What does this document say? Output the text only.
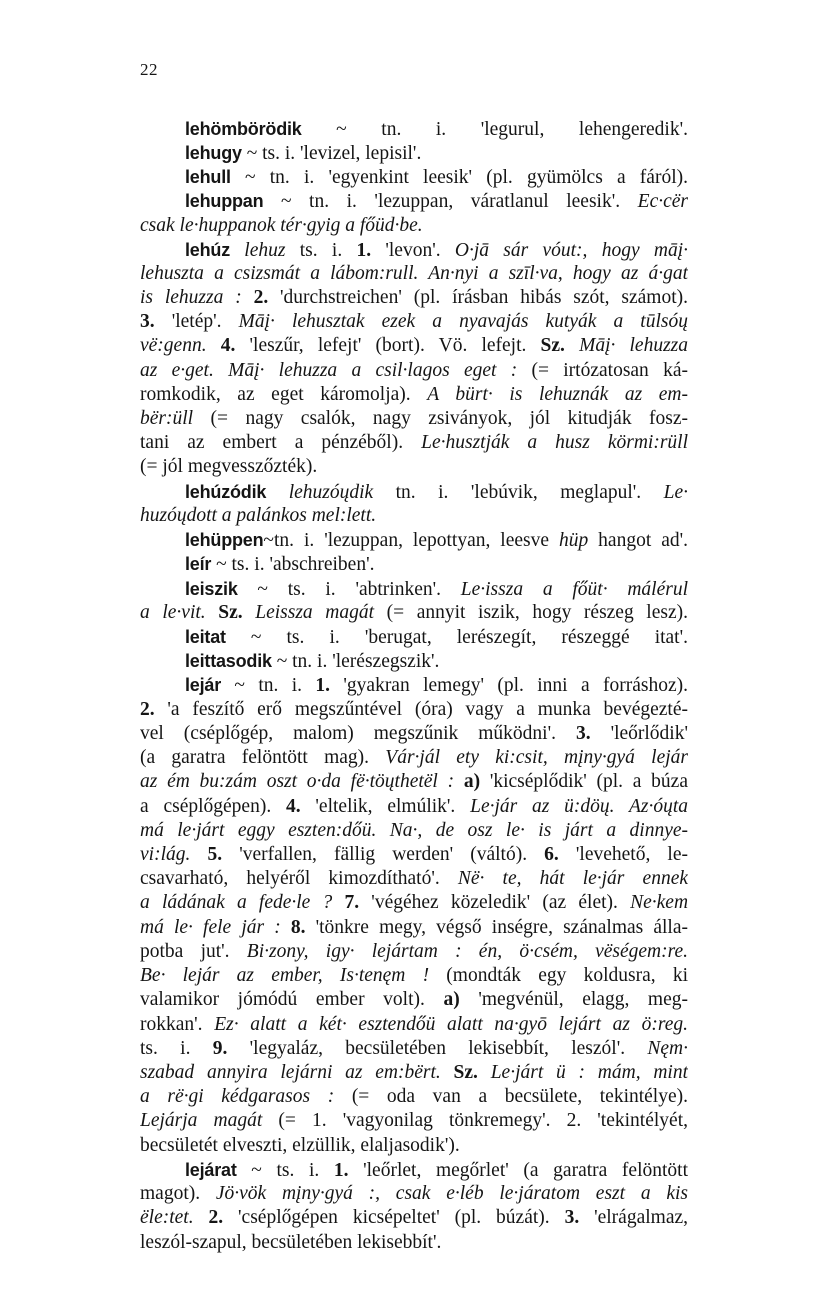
22
lehömbörödik ~ tn. i. 'legurul, lehengeredik'.
lehugy ~ ts. i. 'levizel, lepisil'.
lehull ~ tn. i. 'egyenkint leesik' (pl. gyümölcs a fáról).
lehuppan ~ tn. i. 'lezuppan, váratlanul leesik'. Ec·cër
csak le·huppanok tér·gyig a főüd·be.
lehúz lehuz ts. i. 1. 'levon'. O·jā sár vóut:, hogy māį·
lehuszta a csizsmát a lábom:rull. An·nyi a szīl·va, hogy az á·gat
is lehuzza : 2. 'durchstreichen' (pl. írásban hibás szót, számot).
3. 'letép'. Māį· lehusztak ezek a nyavajás kutyák a tūlsóų
vë:genn. 4. 'leszűr, lefejt' (bort). Vö. lefejt. Sz. Māį· lehuzza
az e·get. Māį· lehuzza a csil·lagos eget : (= irtózatosan ká-
romkodik, az eget káromolja). A bürt· is lehuznák az em-
bër:üll (= nagy csalók, nagy zsiványok, jól kitudják fosz-
tani az embert a pénzéből). Le·husztják a husz körmi:rüll
(= jól megvesszőzték).
lehúzódik lehuzóųdik tn. i. 'lebúvik, meglapul'. Le·
huzóųdott a palánkos mel:lett.
lehüppen~tn. i. 'lezuppan, lepottyan, leesve hüp hangot ad'.
leír ~ ts. i. 'abschreiben'.
leiszik ~ ts. i. 'abtrinken'. Le·issza a főüt· málérul
a le·vit. Sz. Leissza magát (= annyit iszik, hogy részeg lesz).
leitat ~ ts. i. 'berugat, lerészegít, részeggé itat'.
leittasodik ~ tn. i. 'lerészegszik'.
lejár ~ tn. i. 1. 'gyakran lemegy' (pl. inni a forráshoz).
2. 'a feszítő erő megszűntével (óra) vagy a munka bevégezté-
vel (cséplőgép, malom) megszűnik működni'. 3. 'leőrlődik'
(a garatra felöntött mag). Vár·jál ety ki:csit, mįny·gyá lejár
az ém bu:zám oszt o·da fë·töųthetël : a) 'kicséplődik' (pl. a búza
a cséplőgépen). 4. 'eltelik, elmúlik'. Le·jár az ü:döų. Az·óųta
má le·járt eggy eszten:dőü. Na·, de osz le· is járt a dinnye-
vi:lág. 5. 'verfallen, fällig werden' (váltó). 6. 'levehető, le-
csavarható, helyéről kimozdítható'. Në· te, hát le·jár ennek
a ládának a fede·le ? 7. 'végéhez közeledik' (az élet). Ne·kem
má le· fele jár : 8. 'tönkre megy, végső inségre, szánalmas álla-
potba jut'. Bi·zony, igy· lejártam : én, ö·csém, vëségem:re.
Be· lejár az ember, Is·tenęm ! (mondták egy koldusra, ki
valamikor jómódú ember volt). a) 'megvénül, elagg, meg-
rokkan'. Ez· alatt a két· esztendőü alatt na·gyō lejárt az ö:reg.
ts. i. 9. 'legyaláz, becsületében lekisebbít, leszól'. Nęm·
szabad annyira lejárni az em:bërt. Sz. Le·járt ü : mám, mint
a rë·gi kédgarasos : (= oda van a becsülete, tekintélye).
Lejárja magát (= 1. 'vagyonilag tönkremegy'. 2. 'tekintélyét,
becsületét elveszti, elzüllik, elaljasodik').
lejárat ~ ts. i. 1. 'leőrlet, megőrlet' (a garatra felöntött
magot). Jö·vök mįny·gyá :, csak e·léb le·járatom eszt a kis
ële:tet. 2. 'cséplőgépen kicsépeltet' (pl. búzát). 3. 'elrágalmaz,
leszól-szapul, becsületében lekisebbít'.
